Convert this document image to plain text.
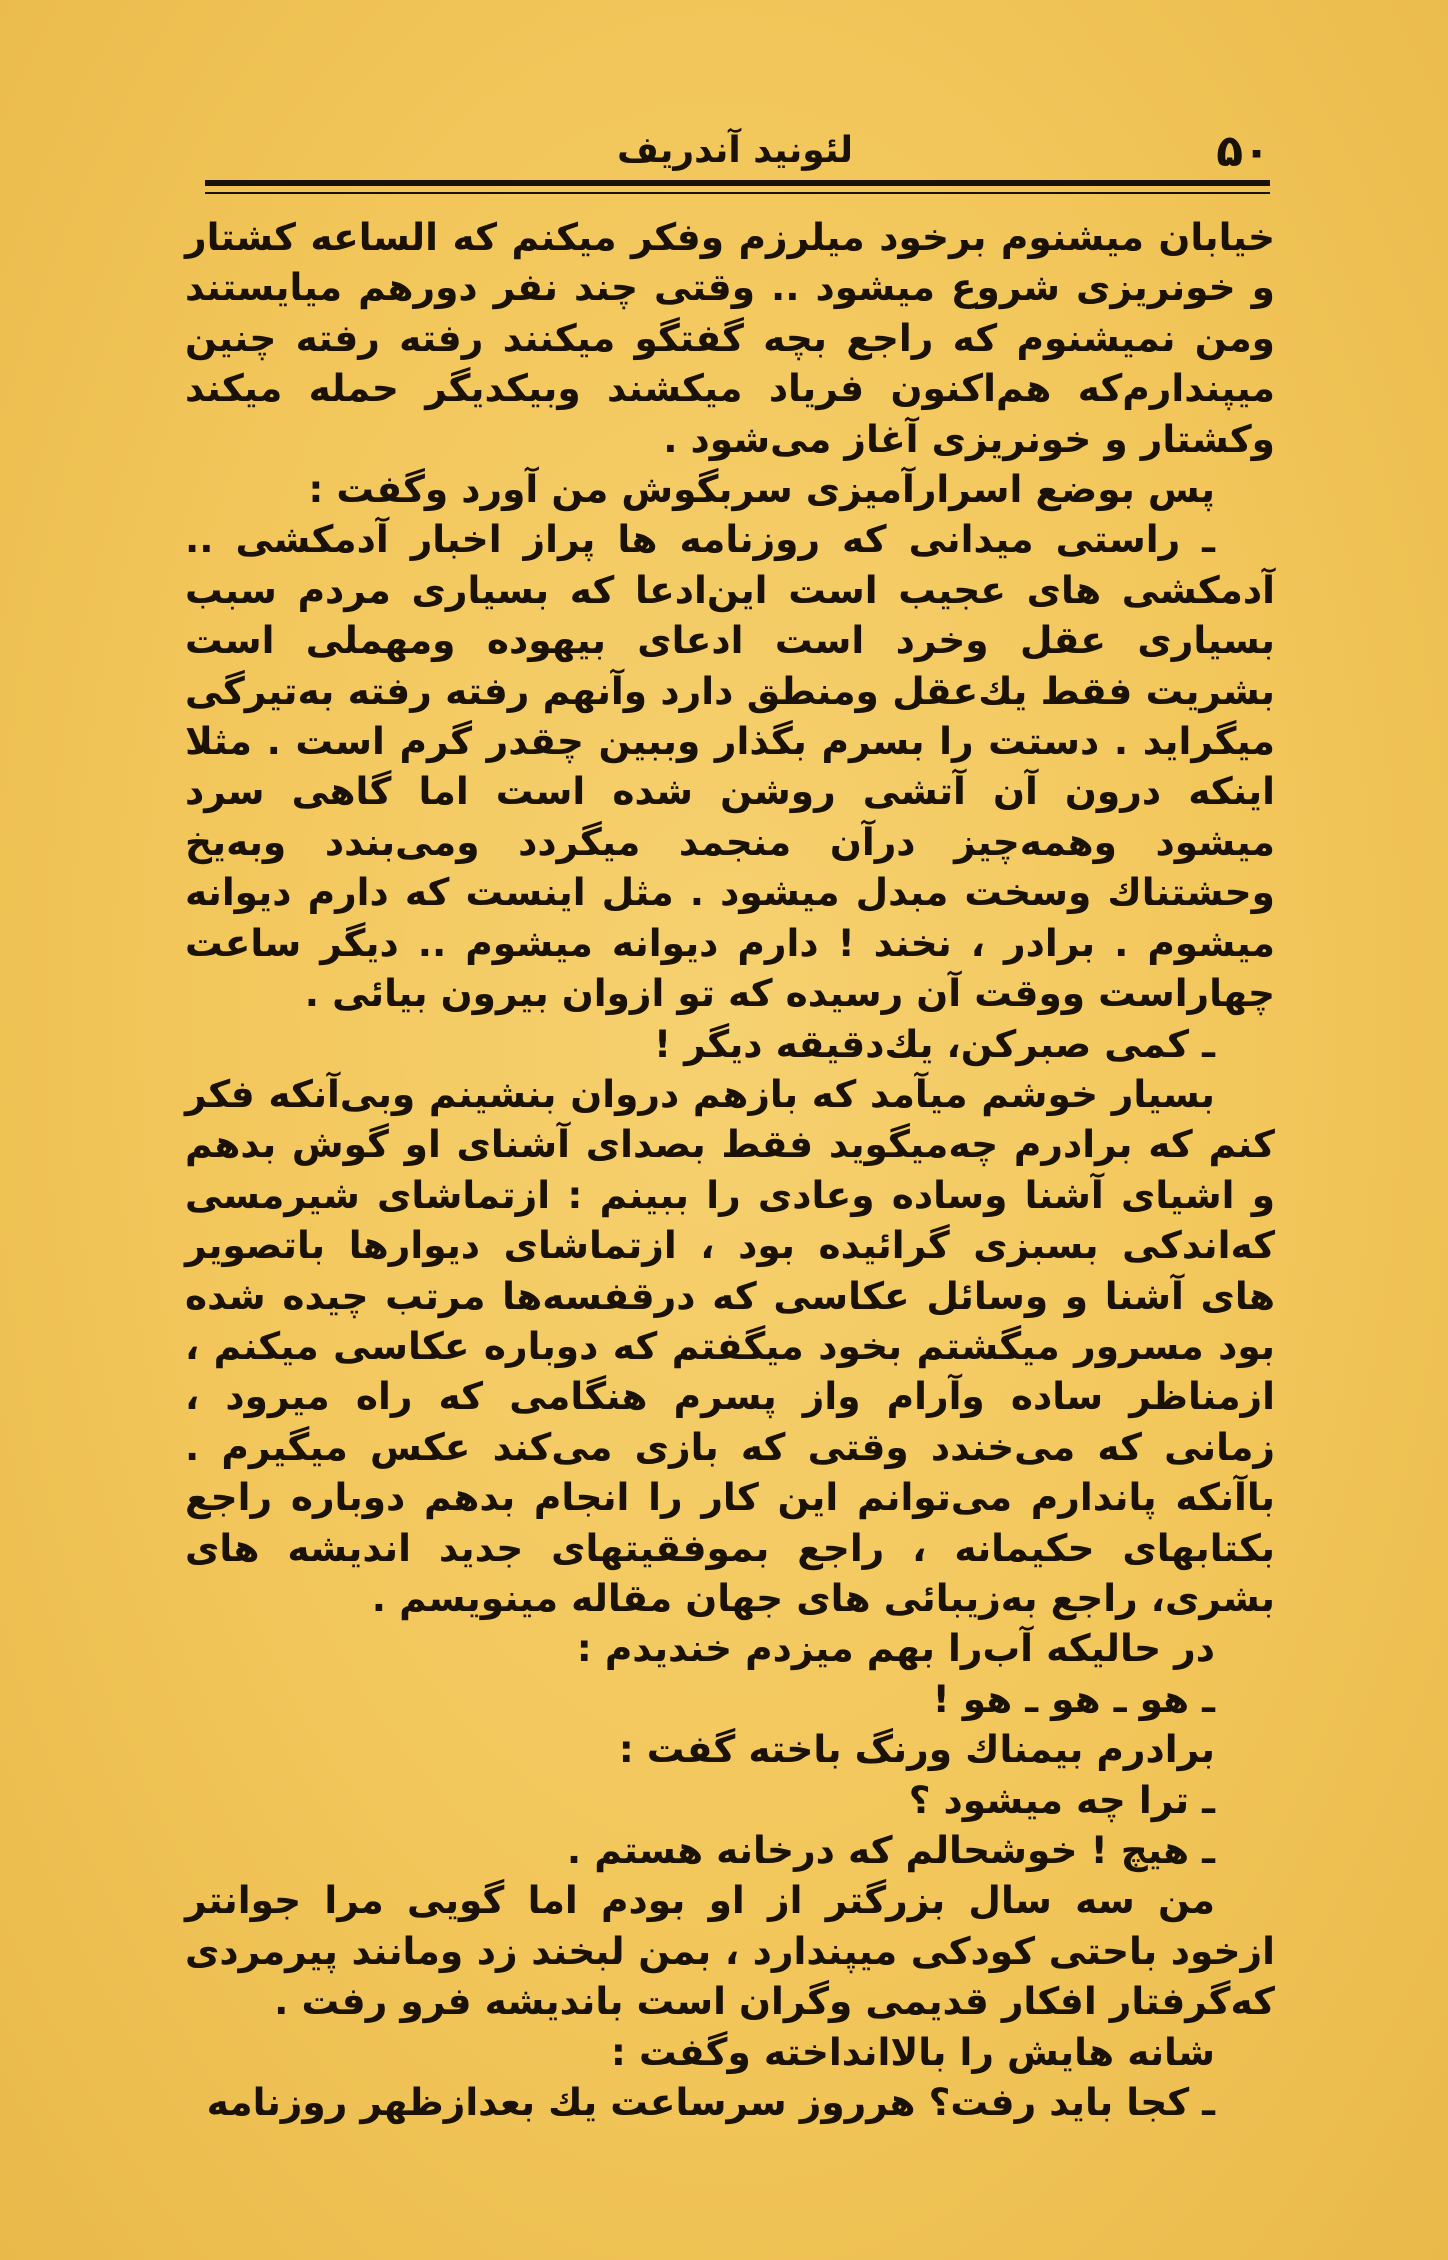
۵۰
لئونید آندریف

خیابان میشنوم برخود میلرزم وفکر میکنم که الساعه کشتار و خونریزی شروع میشود .. وقتی چند نفر دورهم میایستند ومن نمیشنوم که راجع بچه گفتگو میکنند رفته رفته چنین میپندارم‌که هم‌اکنون فریاد میکشند وبیکدیگر حمله میکند وکشتار و خونریزی آغاز می‌شود .

پس بوضع اسرارآمیزی سربگوش من آورد وگفت :

ـ راستی میدانی که روزنامه ها پراز اخبار آدمکشی .. آدمکشی های عجیب است این‌ادعا که بسیاری مردم سبب بسیاری عقل وخرد است ادعای بیهوده ومهملی است بشریت فقط یك‌عقل ومنطق دارد وآنهم رفته رفته به‌تیرگی میگراید . دستت را بسرم بگذار وببین چقدر گرم است . مثلا اینکه درون آن آتشی روشن شده است اما گاهی سرد میشود وهمه‌چیز درآن منجمد میگردد ومی‌بندد وبه‌یخ وحشتناك وسخت مبدل میشود . مثل اینست که دارم دیوانه میشوم . برادر ، نخند ! دارم دیوانه میشوم .. دیگر ساعت چهاراست ووقت آن رسیده که تو ازوان بیرون بیائی .

ـ کمی صبرکن، یك‌دقیقه دیگر !

بسیار خوشم میآمد که بازهم دروان بنشینم وبی‌آنکه فکر کنم که برادرم چه‌میگوید فقط بصدای آشنای او گوش بدهم و اشیای آشنا وساده وعادی را ببینم : ازتماشای شیرمسی که‌اندکی بسبزی گرائیده بود ، ازتماشای دیوارها باتصویر های آشنا و وسائل عکاسی که درقفسه‌ها مرتب چیده شده بود مسرور میگشتم بخود میگفتم که دوباره عکاسی میکنم ، ازمناظر ساده وآرام واز پسرم هنگامی که راه میرود ، زمانی که می‌خندد وقتی که بازی می‌کند عکس میگیرم . باآنکه پاندارم می‌توانم این کار را انجام بدهم دوباره راجع بکتابهای حکیمانه ، راجع بموفقیتهای جدید اندیشه های بشری، راجع به‌زیبائی های جهان مقاله مینویسم .

در حالیکه آب‌را بهم میزدم خندیدم :

ـ هو ـ هو ـ هو !

برادرم بیمناك ورنگ باخته گفت :

ـ ترا چه میشود ؟

ـ هیچ ! خوشحالم که درخانه هستم .

من سه سال بزرگتر از او بودم اما گویی مرا جوانتر ازخود باحتی کودکی میپندارد ، بمن لبخند زد ومانند پیرمردی که‌گرفتار افکار قدیمی وگران است باندیشه فرو رفت .

شانه هایش را بالاانداخته وگفت :

ـ کجا باید رفت؟ هرروز سرساعت یك بعدازظهر روزنامه
